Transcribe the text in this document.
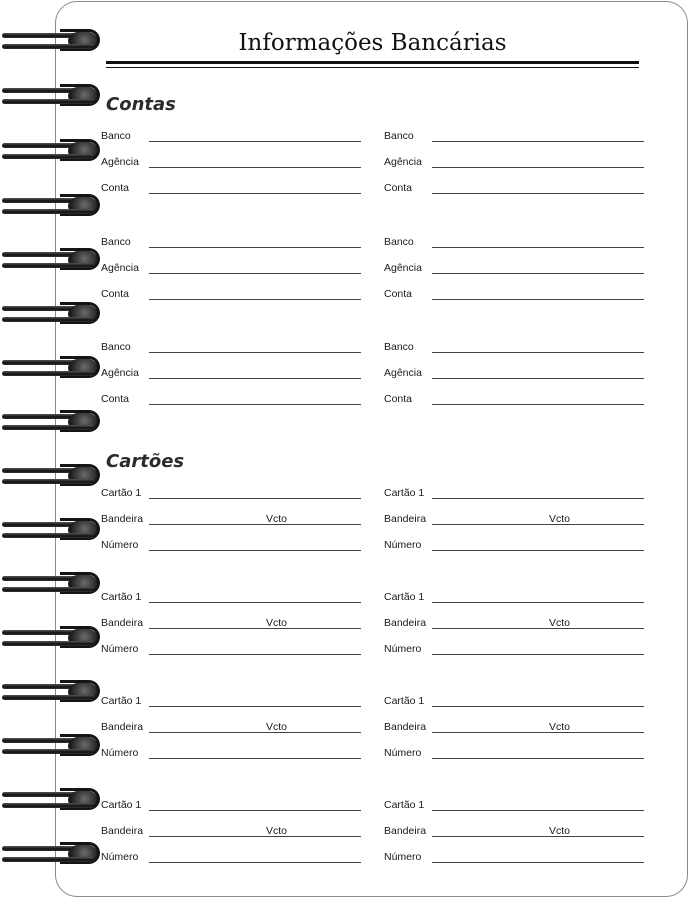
Informações Bancárias
Contas
Banco
Agência
Conta
Banco
Agência
Conta
Banco
Agência
Conta
Banco
Agência
Conta
Banco
Agência
Conta
Banco
Agência
Conta
Cartões
Cartão 1
Bandeira	Vcto
Número
Cartão 1
Bandeira	Vcto
Número
Cartão 1
Bandeira	Vcto
Número
Cartão 1
Bandeira	Vcto
Número
Cartão 1
Bandeira	Vcto
Número
Cartão 1
Bandeira	Vcto
Número
Cartão 1
Bandeira	Vcto
Número
Cartão 1
Bandeira	Vcto
Número
